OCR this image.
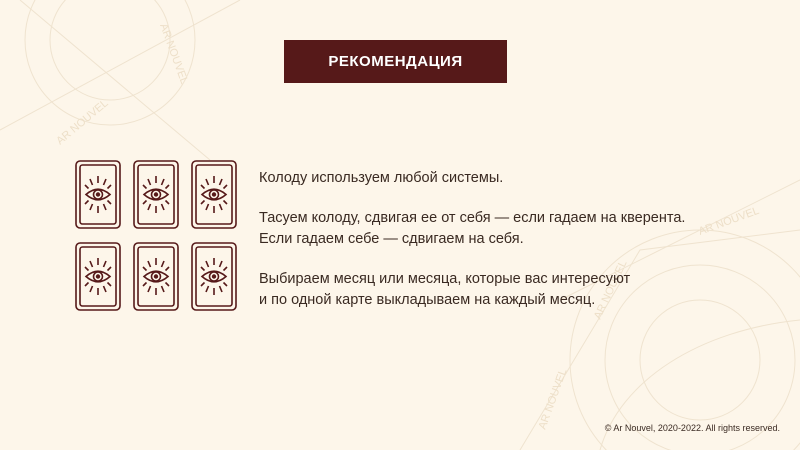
AR NOUVEL
AR NOUVEL
AR NOUVEL
AR NOUVEL
AR NOUVEL	РЕКОМЕНДАЦИЯ

Колоду используем любой системы.

Тасуем колоду, сдвигая ее от себя — если гадаем на кверента.

Если гадаем себе — сдвигаем на себя.

Выбираем месяц или месяца, которые вас интересуют

и по одной карте выкладываем на каждый месяц.

© Ar Nouvel, 2020-2022. All rights reserved.
